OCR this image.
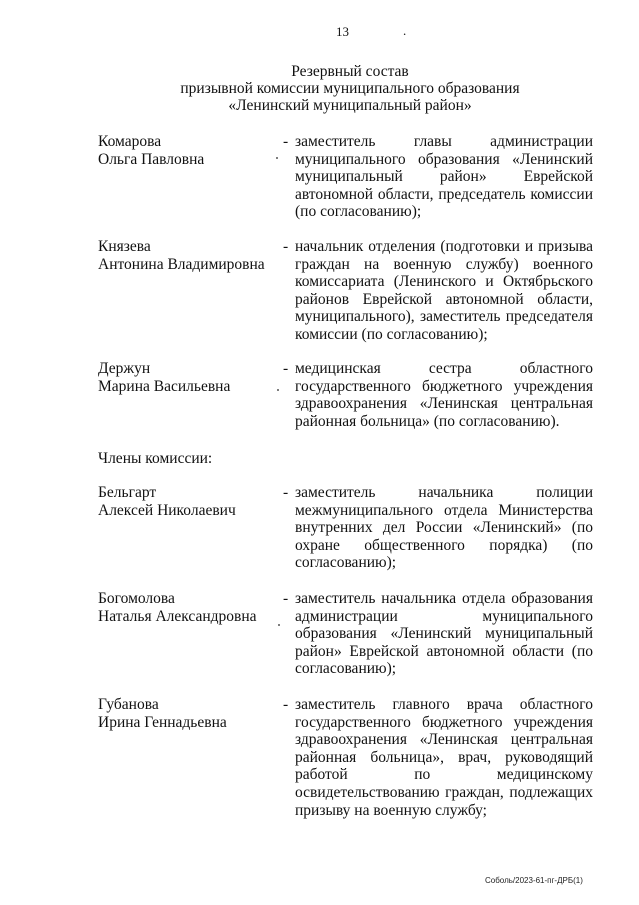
13	.
Резервный состав
призывной комиссии муниципального образования
«Ленинский муниципальный район»
Комарова
Ольга Павловна
- заместитель главы администрации муниципального образования «Ленинский муниципальный район» Еврейской автономной области, председатель комиссии (по согласованию);
Князева
Антонина Владимировна
- начальник отделения (подготовки и призыва граждан на военную службу) военного комиссариата (Ленинского и Октябрьского районов Еврейской автономной области, муниципального), заместитель председателя комиссии (по согласованию);
Держун
Марина Васильевна
- медицинская сестра областного государственного бюджетного учреждения здравоохранения «Ленинская центральная районная больница» (по согласованию).
Члены комиссии:
Бельгарт
Алексей Николаевич
- заместитель начальника полиции межмуниципального отдела Министерства внутренних дел России «Ленинский» (по охране общественного порядка) (по согласованию);
Богомолова
Наталья Александровна
- заместитель начальника отдела образования администрации муниципального образования «Ленинский муниципальный район» Еврейской автономной области (по согласованию);
Губанова
Ирина Геннадьевна
- заместитель главного врача областного государственного бюджетного учреждения здравоохранения «Ленинская центральная районная больница», врач, руководящий работой по медицинскому освидетельствованию граждан, подлежащих призыву на военную службу;
Соболь/2023-61-пг-ДРБ(1)
